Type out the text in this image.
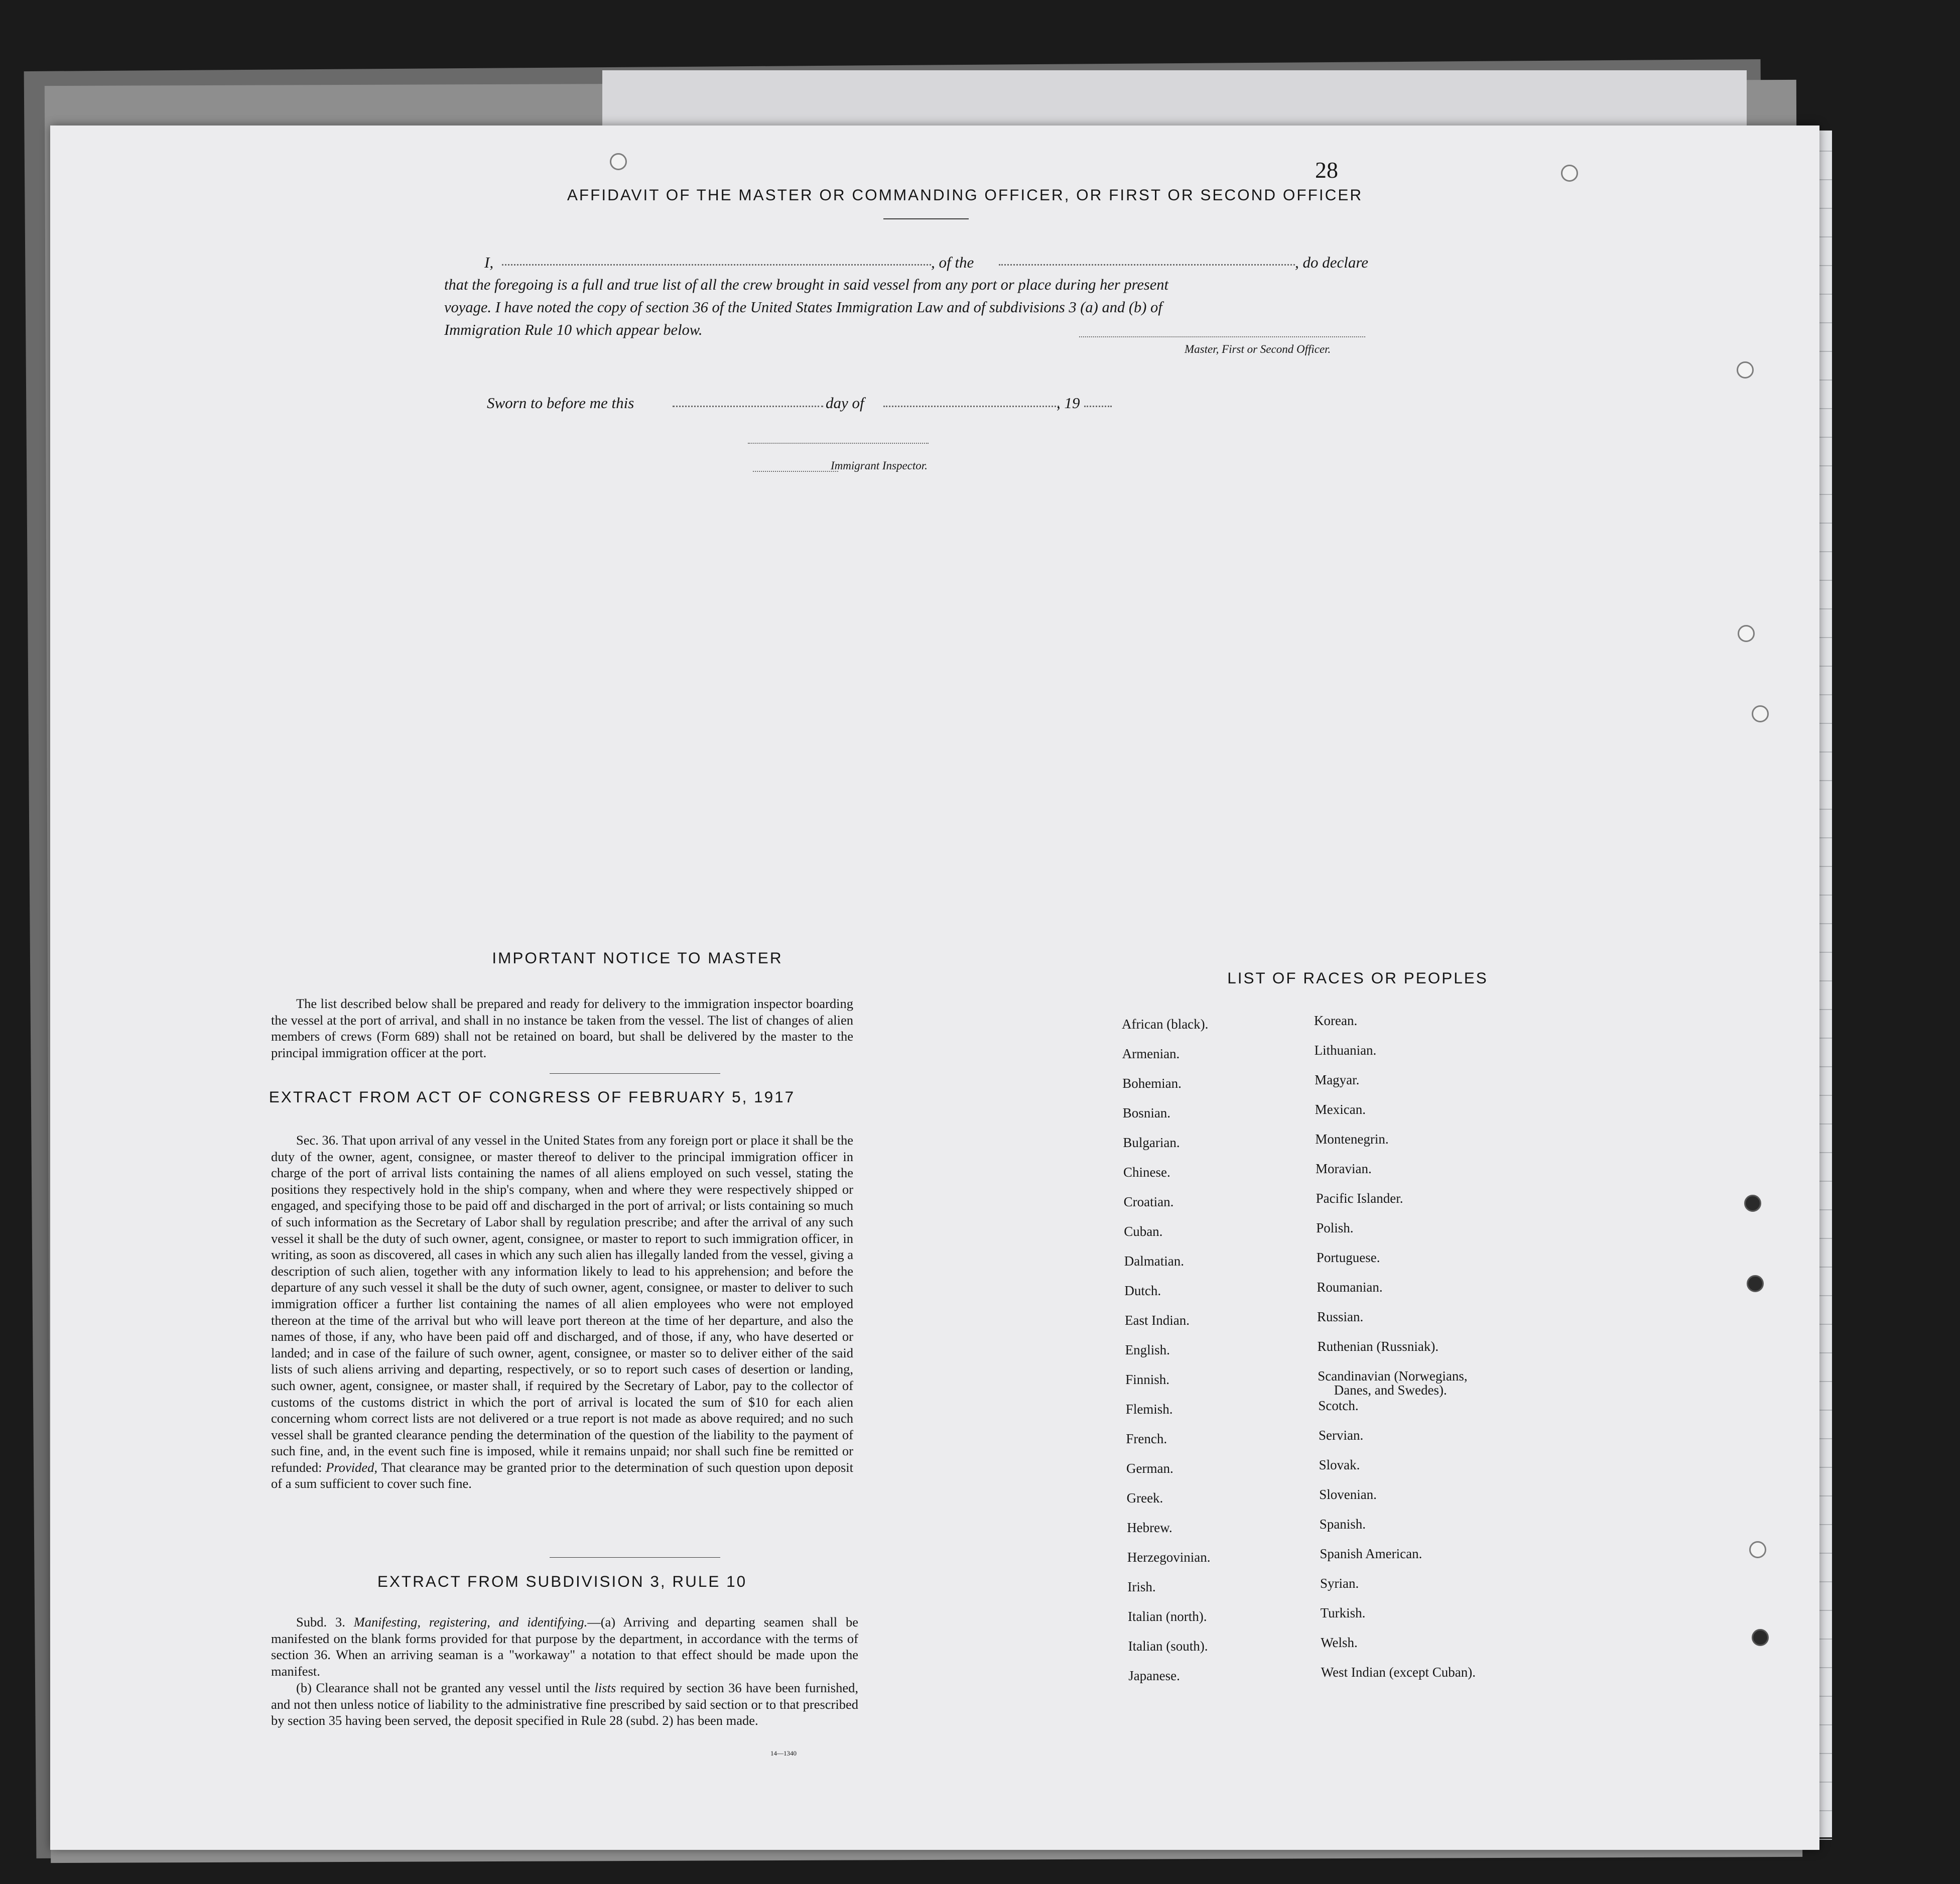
28
AFFIDAVIT OF THE MASTER OR COMMANDING OFFICER, OR FIRST OR SECOND OFFICER
I,	, of the	, do declare
that the foregoing is a full and true list of all the crew brought in said vessel from any port or place during her present
voyage. I have noted the copy of section 36 of the United States Immigration Law and of subdivisions 3 (a) and (b) of
Immigration Rule 10 which appear below.
Master, First or Second Officer.
Sworn to before me this	day of	, 19
Immigrant Inspector.
IMPORTANT NOTICE TO MASTER

The list described below shall be prepared and ready for delivery to the immigration inspector boarding the vessel at the port of arrival, and shall in no instance be taken from the vessel. The list of changes of alien members of crews (Form 689) shall not be retained on board, but shall be delivered by the master to the principal immigration officer at the port.

EXTRACT FROM ACT OF CONGRESS OF FEBRUARY 5, 1917

Sec. 36. That upon arrival of any vessel in the United States from any foreign port or place it shall be the duty of the owner, agent, consignee, or master thereof to deliver to the principal immigration officer in charge of the port of arrival lists containing the names of all aliens employed on such vessel, stating the positions they respectively hold in the ship's company, when and where they were respectively shipped or engaged, and specifying those to be paid off and discharged in the port of arrival; or lists containing so much of such information as the Secretary of Labor shall by regulation prescribe; and after the arrival of any such vessel it shall be the duty of such owner, agent, consignee, or master to report to such immigration officer, in writing, as soon as discovered, all cases in which any such alien has illegally landed from the vessel, giving a description of such alien, together with any information likely to lead to his apprehension; and before the departure of any such vessel it shall be the duty of such owner, agent, consignee, or master to deliver to such immigration officer a further list containing the names of all alien employees who were not employed thereon at the time of the arrival but who will leave port thereon at the time of her departure, and also the names of those, if any, who have been paid off and discharged, and of those, if any, who have deserted or landed; and in case of the failure of such owner, agent, consignee, or master so to deliver either of the said lists of such aliens arriving and departing, respectively, or so to report such cases of desertion or landing, such owner, agent, consignee, or master shall, if required by the Secretary of Labor, pay to the collector of customs of the customs district in which the port of arrival is located the sum of $10 for each alien concerning whom correct lists are not delivered or a true report is not made as above required; and no such vessel shall be granted clearance pending the determination of the question of the liability to the payment of such fine, and, in the event such fine is imposed, while it remains unpaid; nor shall such fine be remitted or refunded: Provided, That clearance may be granted prior to the determination of such question upon deposit of a sum sufficient to cover such fine.

EXTRACT FROM SUBDIVISION 3, RULE 10

Subd. 3. Manifesting, registering, and identifying.—(a) Arriving and departing seamen shall be manifested on the blank forms provided for that purpose by the department, in accordance with the terms of section 36. When an arriving seaman is a "workaway" a notation to that effect should be made upon the manifest.

(b) Clearance shall not be granted any vessel until the lists required by section 36 have been furnished, and not then unless notice of liability to the administrative fine prescribed by said section or to that prescribed by section 35 having been served, the deposit specified in Rule 28 (subd. 2) has been made.

14—1340
LIST OF RACES OR PEOPLES
African (black).
Armenian.
Bohemian.
Bosnian.
Bulgarian.
Chinese.
Croatian.
Cuban.
Dalmatian.
Dutch.
East Indian.
English.
Finnish.
Flemish.
French.
German.
Greek.
Hebrew.
Herzegovinian.
Irish.
Italian (north).
Italian (south).
Japanese.
Korean.
Lithuanian.
Magyar.
Mexican.
Montenegrin.
Moravian.
Pacific Islander.
Polish.
Portuguese.
Roumanian.
Russian.
Ruthenian (Russniak).
Scandinavian (Norwegians,
Danes, and Swedes).
Scotch.
Servian.
Slovak.
Slovenian.
Spanish.
Spanish American.
Syrian.
Turkish.
Welsh.
West Indian (except Cuban).
